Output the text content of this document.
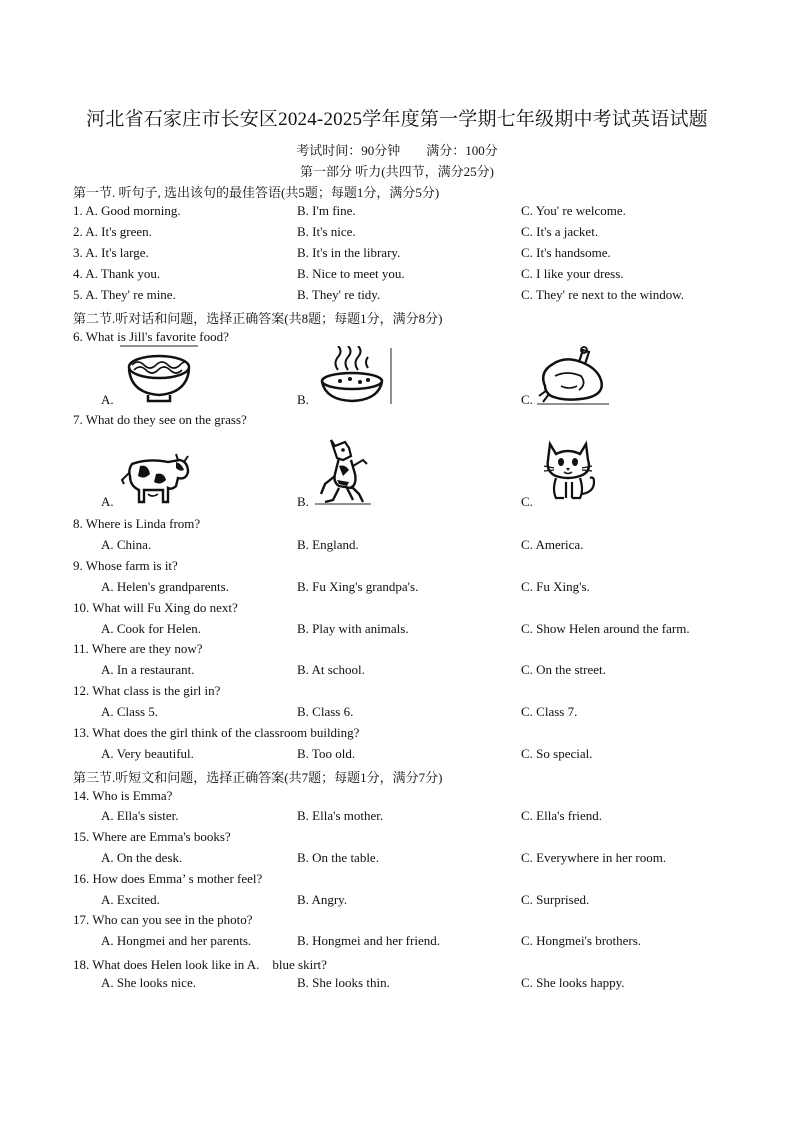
河北省石家庄市长安区2024-2025学年度第一学期七年级期中考试英语试题
考试时间：90分钟　　满分：100分
第一部分 听力(共四节，满分25分)
第一节. 听句子, 选出该句的最佳答语(共5题；每题1分，满分5分)
1. A. Good morning.	B. I'm fine.	C. You' re welcome.
2. A. It's green.	B. It's nice.	C. It's a jacket.
3. A. It's large.	B. It's in the library.	C. It's handsome.
4. A. Thank you.	B. Nice to meet you.	C. I like your dress.
5. A. They' re mine.	B. They' re tidy.	C. They' re next to the window.
第二节.听对话和问题，选择正确答案(共8题；每题1分，满分8分)
6. What is Jill's favorite food?
A.	B.	C.
7. What do they see on the grass?
A.	B.	C.
8. Where is Linda from?
A. China.	B. England.	C. America.
9. Whose farm is it?
A. Helen's grandparents.	B. Fu Xing's grandpa's.	C. Fu Xing's.
10. What will Fu Xing do next?
A. Cook for Helen.	B. Play with animals.	C. Show Helen around the farm.
11. Where are they now?
A. In a restaurant.	B. At school.	C. On the street.
12. What class is the girl in?
A. Class 5.	B. Class 6.	C. Class 7.
13. What does the girl think of the classroom building?
A. Very beautiful.	B. Too old.	C. So special.
第三节.听短文和问题，选择正确答案(共7题；每题1分，满分7分)
14. Who is Emma?
A. Ella's sister.	B. Ella's mother.	C. Ella's friend.
15. Where are Emma's books?
A. On the desk.	B. On the table.	C. Everywhere in her room.
16. How does Emma’ s mother feel?
A. Excited.	B. Angry.	C. Surprised.
17. Who can you see in the photo?
A. Hongmei and her parents.	B. Hongmei and her friend.	C. Hongmei's brothers.
18. What does Helen look like in A.　blue skirt?
A. She looks nice.	B. She looks thin.	C. She looks happy.
